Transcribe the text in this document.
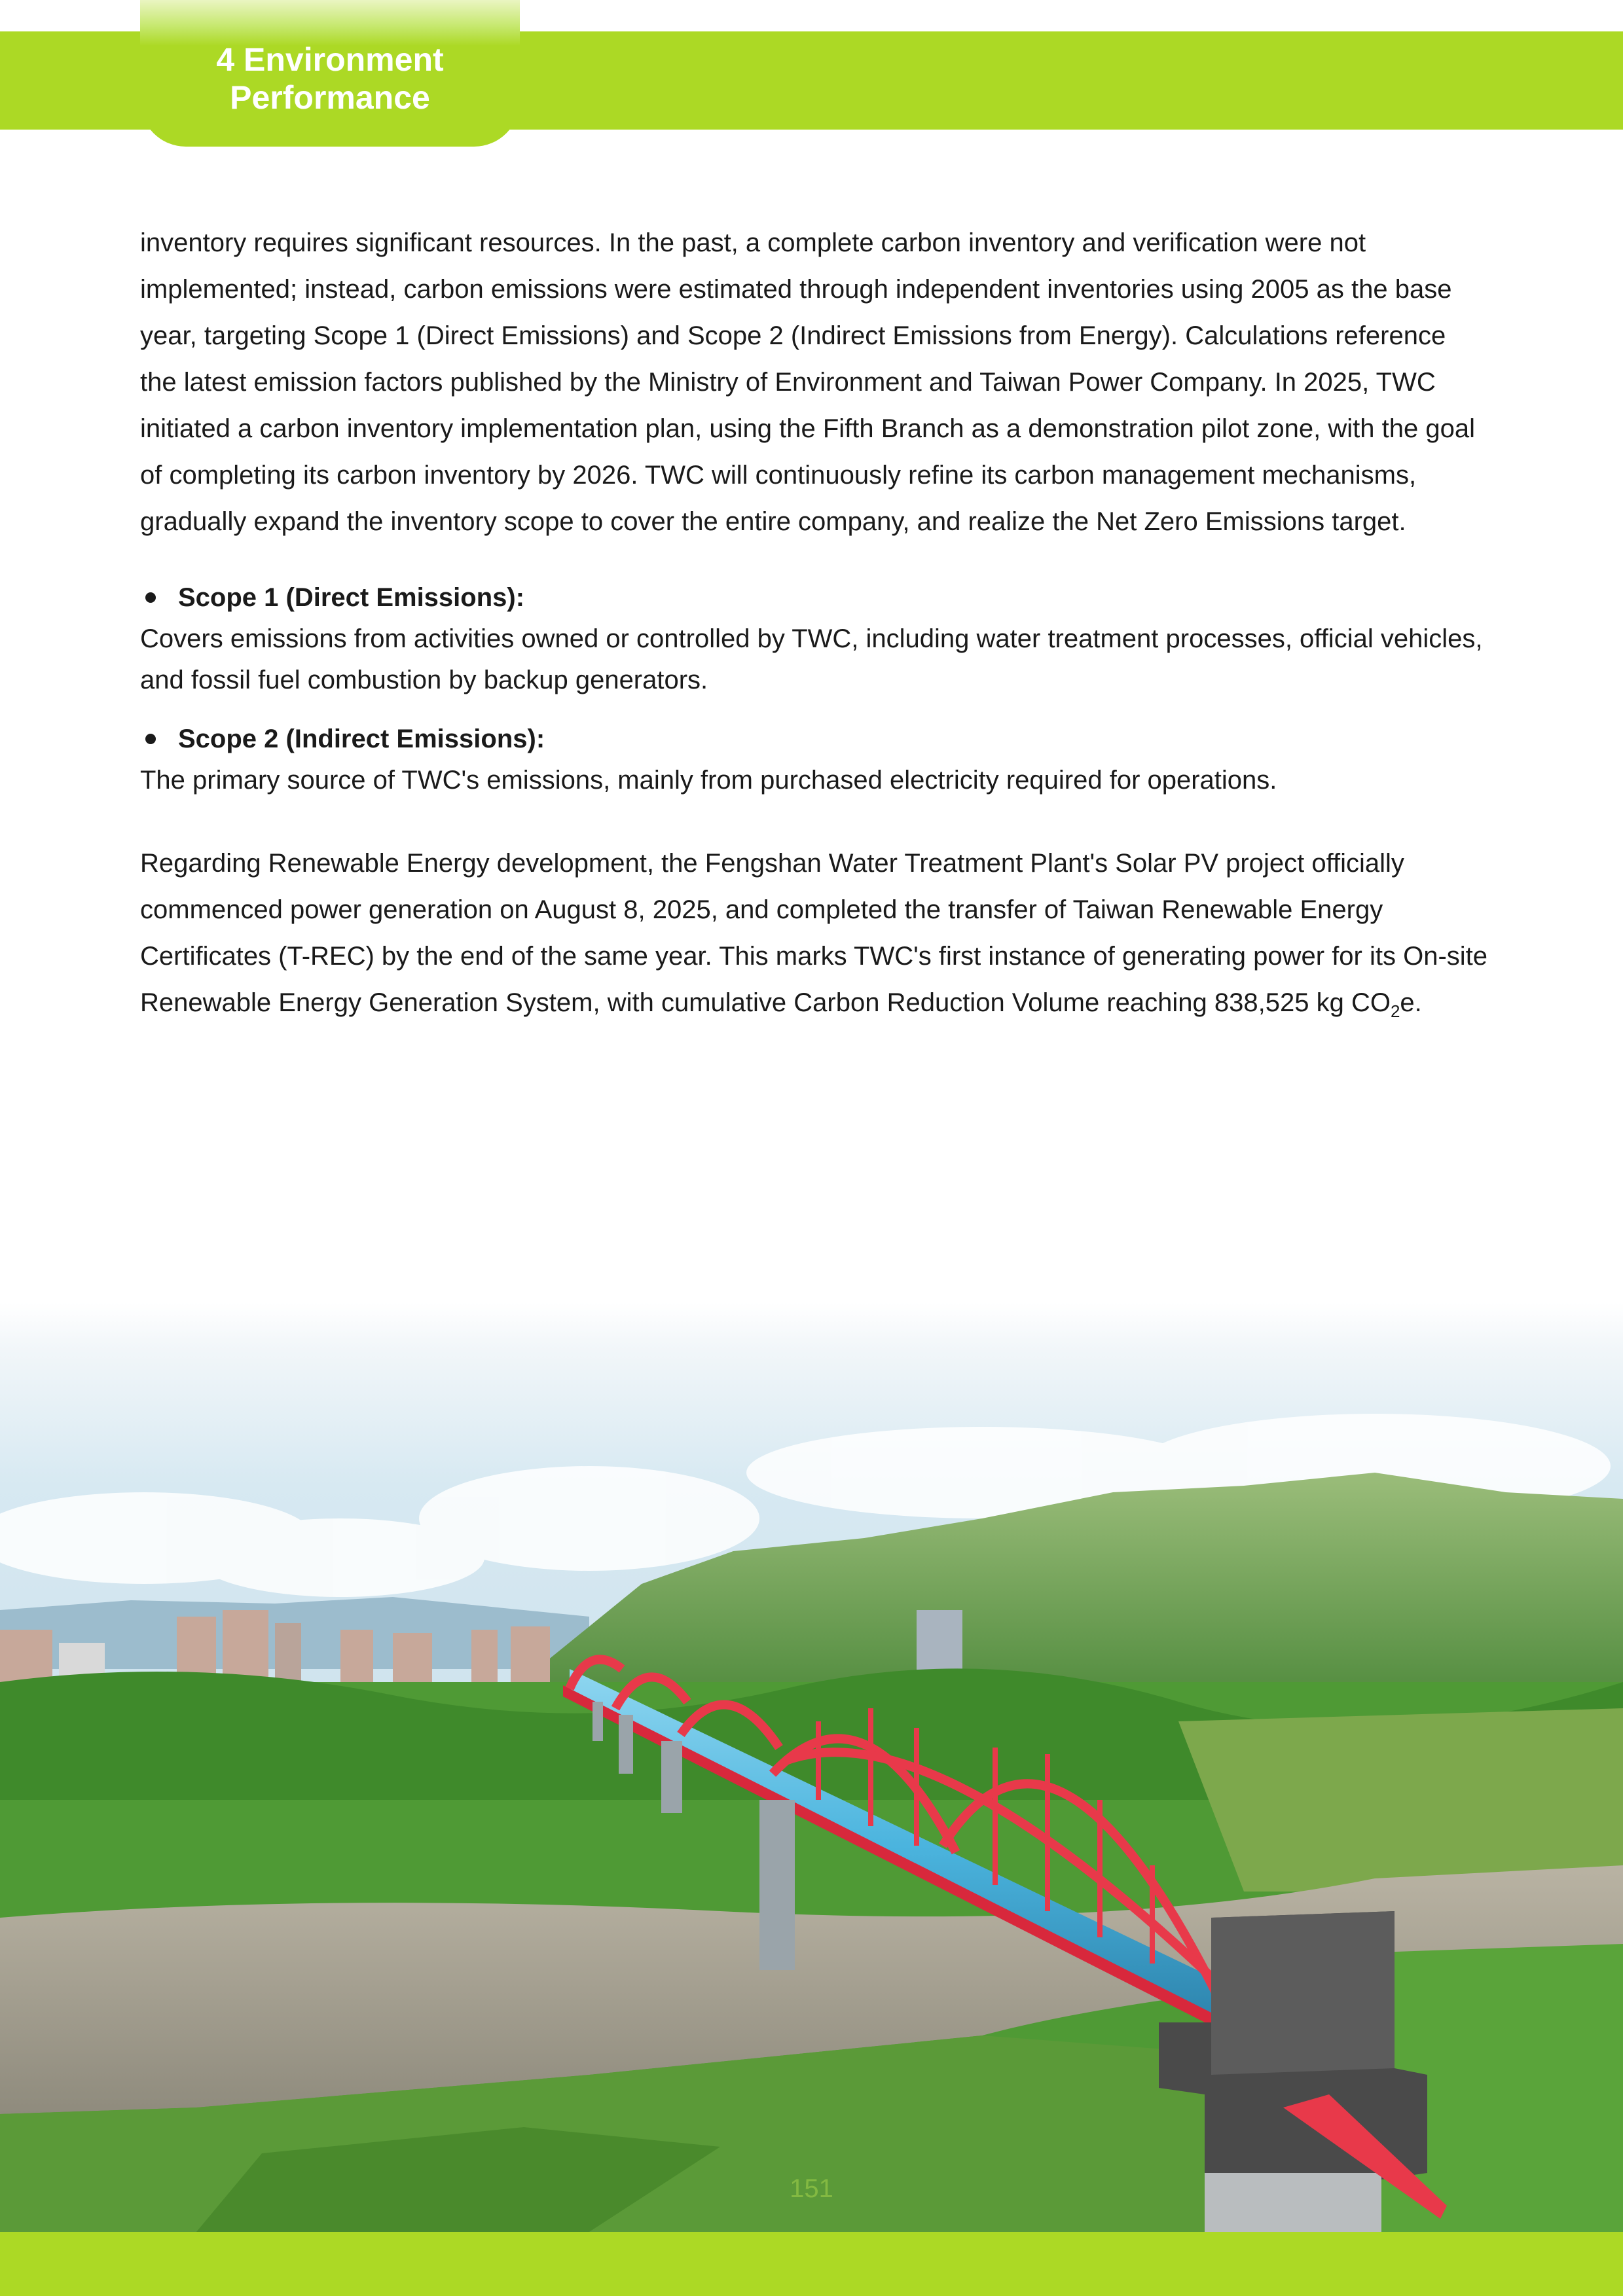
4 Environment
Performance

inventory requires significant resources. In the past, a complete carbon inventory and verification were not implemented; instead, carbon emissions were estimated through independent inventories using 2005 as the base year, targeting Scope 1 (Direct Emissions) and Scope 2 (Indirect Emissions from Energy). Calculations reference the latest emission factors published by the Ministry of Environment and Taiwan Power Company. In 2025, TWC initiated a carbon inventory implementation plan, using the Fifth Branch as a demonstration pilot zone, with the goal of completing its carbon inventory by 2026. TWC will continuously refine its carbon management mechanisms, gradually expand the inventory scope to cover the entire company, and realize the Net Zero Emissions target.

Scope 1 (Direct Emissions):

Covers emissions from activities owned or controlled by TWC, including water treatment processes, official vehicles, and fossil fuel combustion by backup generators.

Scope 2 (Indirect Emissions):

The primary source of TWC's emissions, mainly from purchased electricity required for operations.

Regarding Renewable Energy development, the Fengshan Water Treatment Plant's Solar PV project officially commenced power generation on August 8, 2025, and completed the transfer of Taiwan Renewable Energy Certificates (T-REC) by the end of the same year. This marks TWC's first instance of generating power for its On-site Renewable Energy Generation System, with cumulative Carbon Reduction Volume reaching 838,525 kg $CO_2e$.

151
